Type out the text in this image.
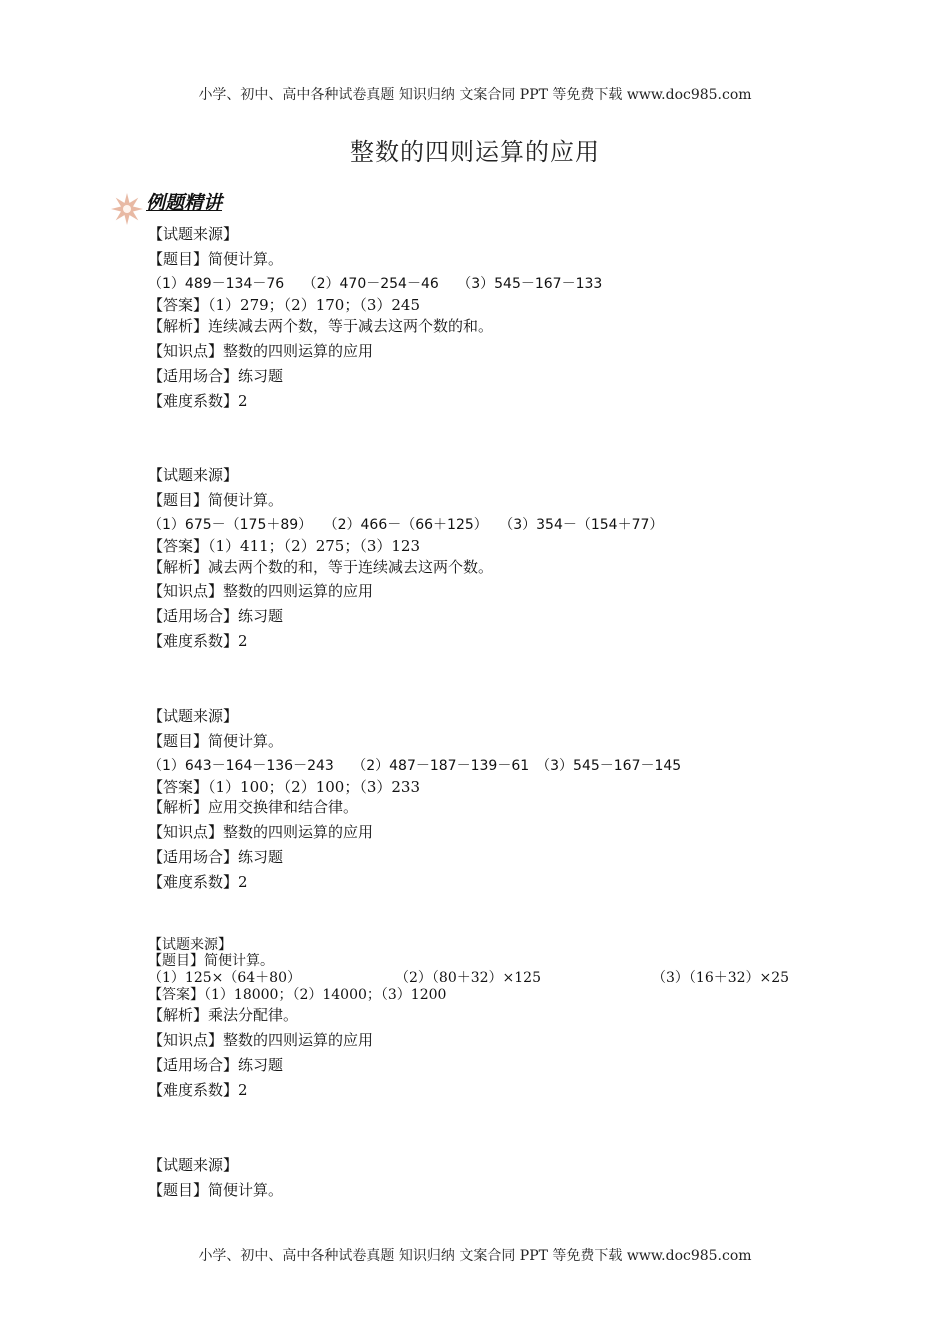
小学、初中、高中各种试卷真题 知识归纳 文案合同 PPT 等免费下载 www.doc985.com
整数的四则运算的应用
例题精讲
【试题来源】
【题目】简便计算。
（1）489－134－76　 （2）470－254－46　 （3）545－167－133
【答案】（1）279；（2）170；（3）245
【解析】连续减去两个数，等于减去这两个数的和。
【知识点】整数的四则运算的应用
【适用场合】练习题
【难度系数】2
【试题来源】
【题目】简便计算。
（1）675－（175＋89）　 （2）466－（66＋125）　 （3）354－（154＋77）
【答案】（1）411；（2）275；（3）123
【解析】减去两个数的和，等于连续减去这两个数。
【知识点】整数的四则运算的应用
【适用场合】练习题
【难度系数】2
【试题来源】
【题目】简便计算。
（1）643－164－136－243　 （2）487－187－139－61　（3）545－167－145
【答案】（1）100；（2）100；（3）233
【解析】应用交换律和结合律。
【知识点】整数的四则运算的应用
【适用场合】练习题
【难度系数】2
【试题来源】
【题目】简便计算。
（1）125×（64＋80）	（2）（80＋32）×125	（3）（16＋32）×25
【答案】（1）18000；（2）14000；（3）1200
【解析】乘法分配律。
【知识点】整数的四则运算的应用
【适用场合】练习题
【难度系数】2
【试题来源】
【题目】简便计算。
小学、初中、高中各种试卷真题 知识归纳 文案合同 PPT 等免费下载 www.doc985.com
